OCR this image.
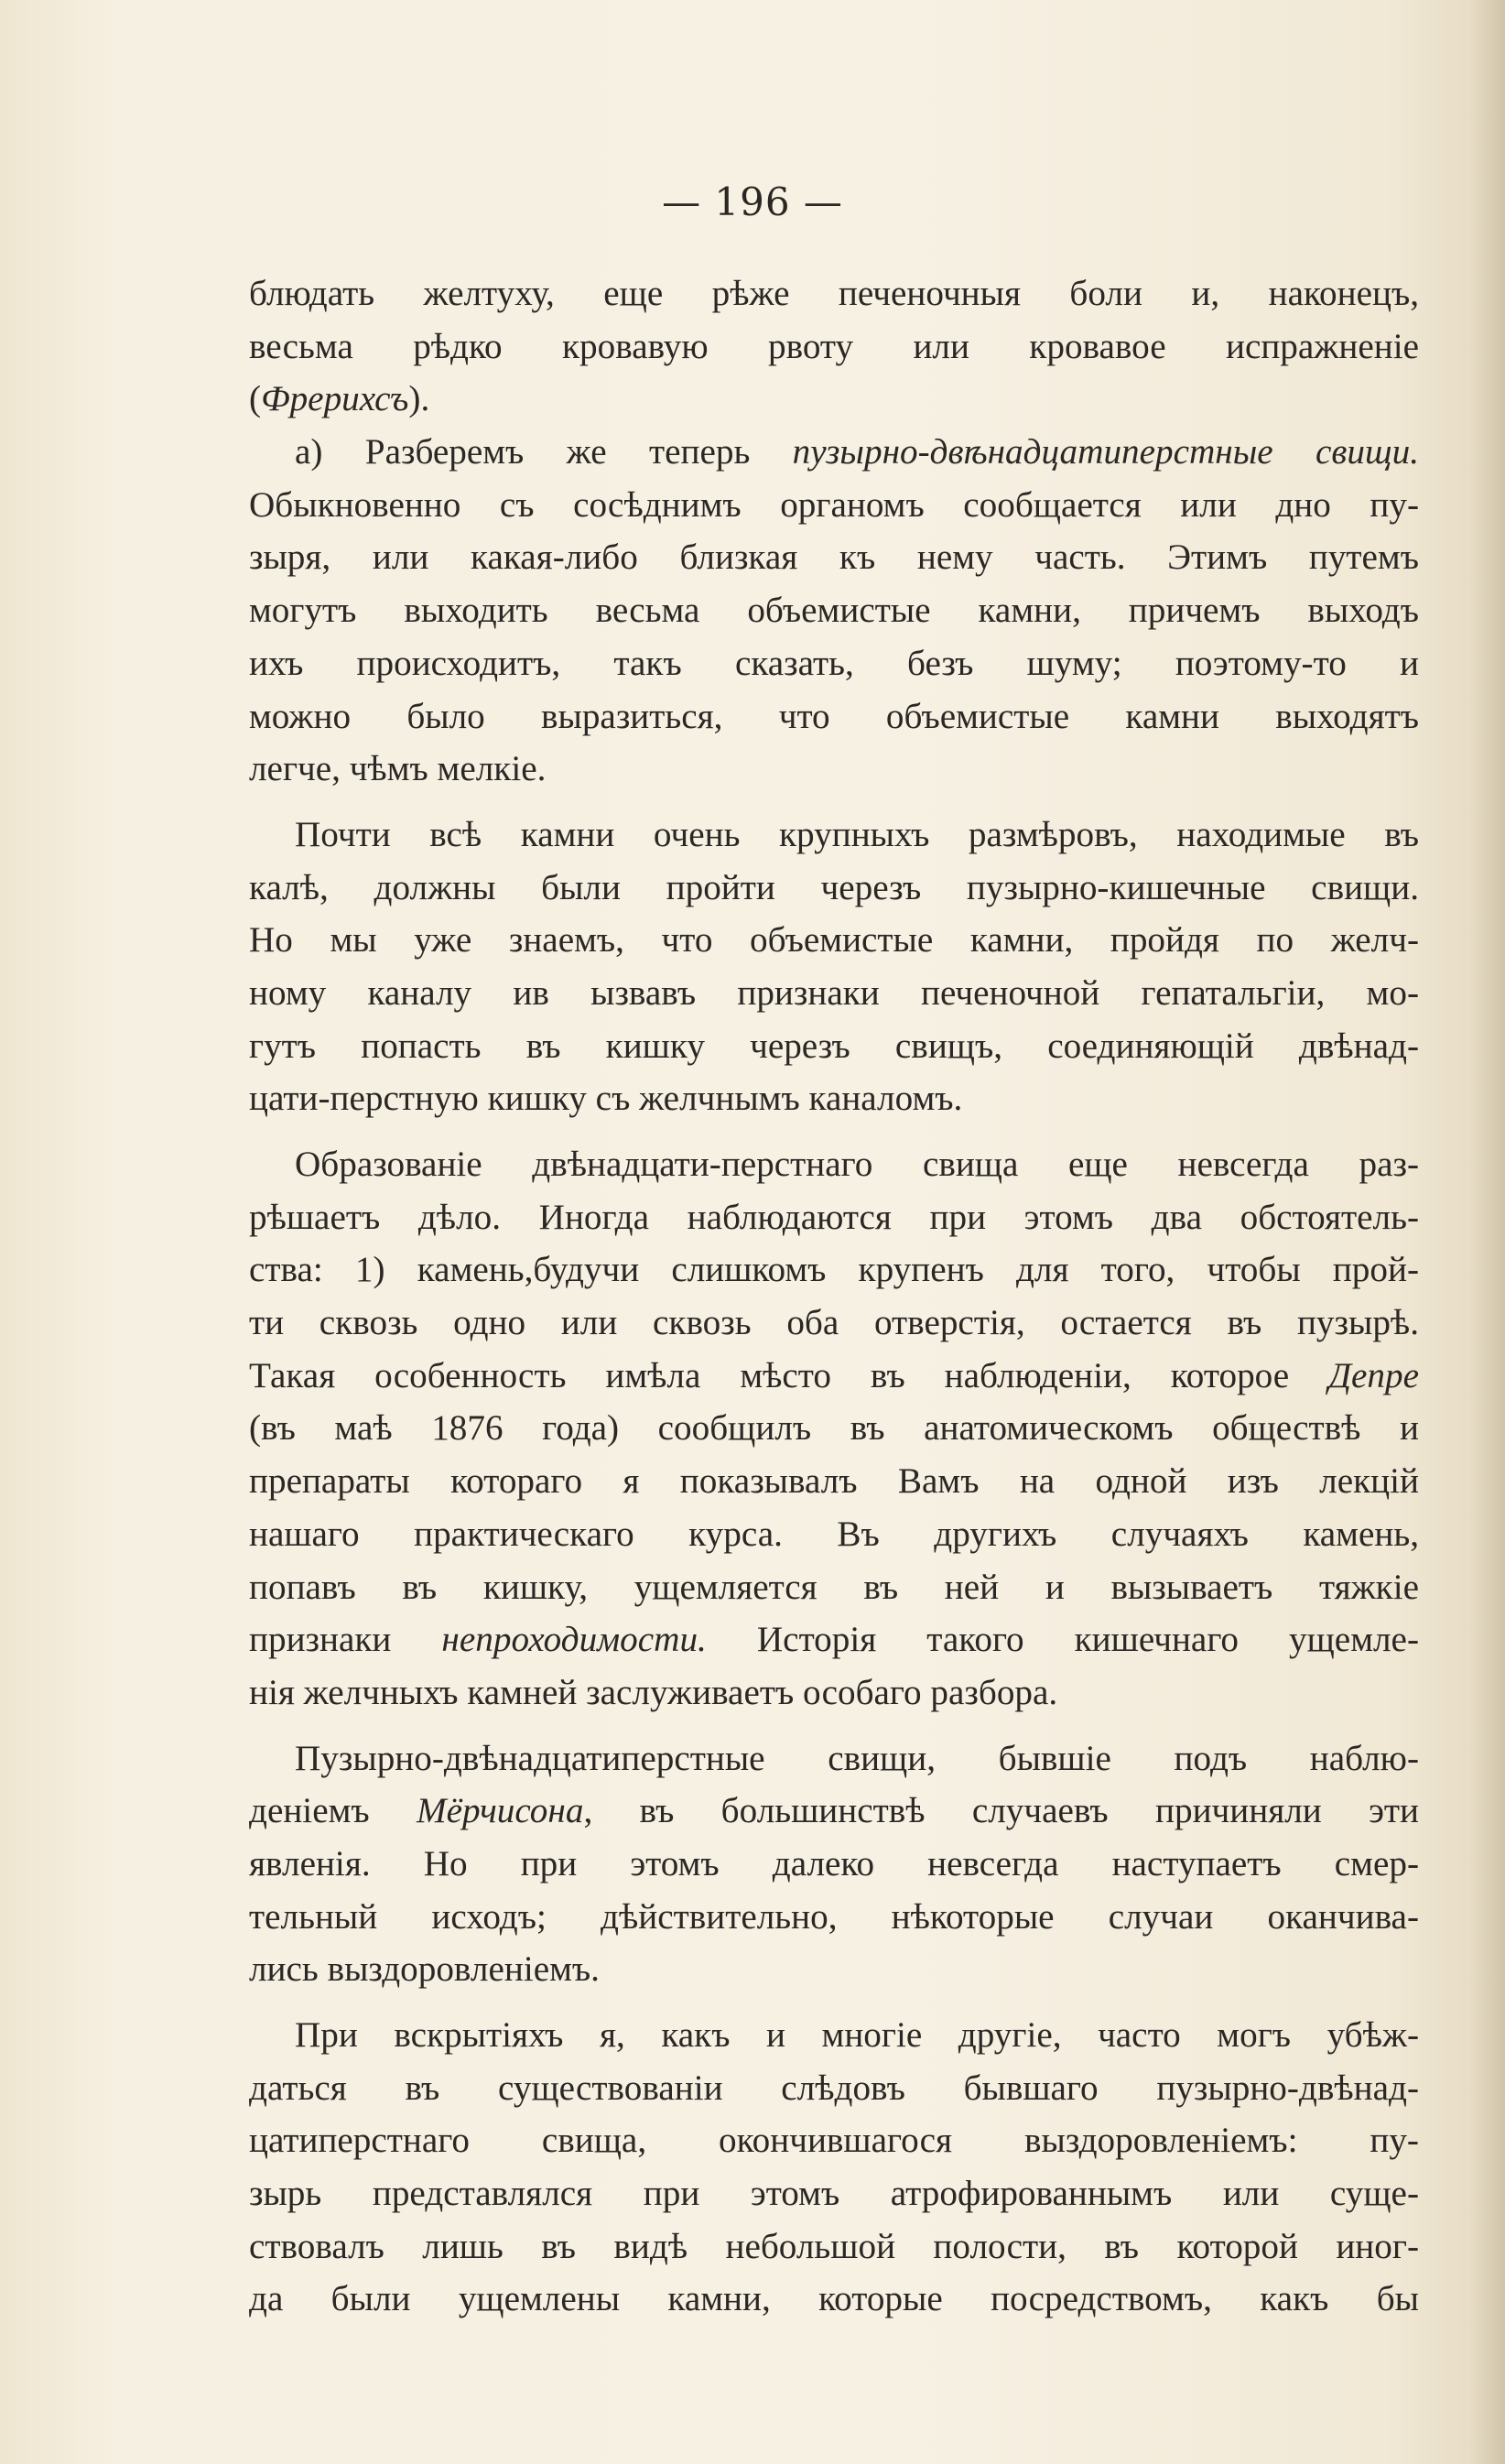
— 196 —
блюдать желтуху, еще рѣже печеночныя боли и, наконецъ,
весьма рѣдко кровавую рвоту или кровавое испражненіе
(Фрерихсъ).
а) Разберемъ же теперь пузырно-двѣнадцатиперстные свищи.
Обыкновенно съ сосѣднимъ органомъ сообщается или дно пу-
зыря, или какая-либо близкая къ нему часть. Этимъ путемъ
могутъ выходить весьма объемистые камни, причемъ выходъ
ихъ происходитъ, такъ сказать, безъ шуму; поэтому-то и
можно было выразиться, что объемистые камни выходятъ
легче, чѣмъ мелкіе.
Почти всѣ камни очень крупныхъ размѣровъ, находимые въ
калѣ, должны были пройти черезъ пузырно-кишечные свищи.
Но мы уже знаемъ, что объемистые камни, пройдя по желч-
ному каналу ив ызвавъ признаки печеночной гепатальгіи, мо-
гутъ попасть въ кишку черезъ свищъ, соединяющій двѣнад-
цати-перстную кишку съ желчнымъ каналомъ.
Образованіе двѣнадцати-перстнаго свища еще невсегда раз-
рѣшаетъ дѣло. Иногда наблюдаются при этомъ два обстоятель-
ства: 1) камень,будучи слишкомъ крупенъ для того, чтобы прой-
ти сквозь одно или сквозь оба отверстія, остается въ пузырѣ.
Такая особенность имѣла мѣсто въ наблюденіи, которое Депре
(въ маѣ 1876 года) сообщилъ въ анатомическомъ обществѣ и
препараты котораго я показывалъ Вамъ на одной изъ лекцій
нашаго практическаго курса. Въ другихъ случаяхъ камень,
попавъ въ кишку, ущемляется въ ней и вызываетъ тяжкіе
признаки непроходимости. Исторія такого кишечнаго ущемле-
нія желчныхъ камней заслуживаетъ особаго разбора.
Пузырно-двѣнадцатиперстные свищи, бывшіе подъ наблю-
деніемъ Мёрчисона, въ большинствѣ случаевъ причиняли эти
явленія. Но при этомъ далеко невсегда наступаетъ смер-
тельный исходъ; дѣйствительно, нѣкоторые случаи оканчива-
лись выздоровленіемъ.
При вскрытіяхъ я, какъ и многіе другіе, часто могъ убѣж-
даться въ существованіи слѣдовъ бывшаго пузырно-двѣнад-
цатиперстнаго свища, окончившагося выздоровленіемъ: пу-
зырь представлялся при этомъ атрофированнымъ или суще-
ствовалъ лишь въ видѣ небольшой полости, въ которой иног-
да были ущемлены камни, которые посредствомъ, какъ бы
